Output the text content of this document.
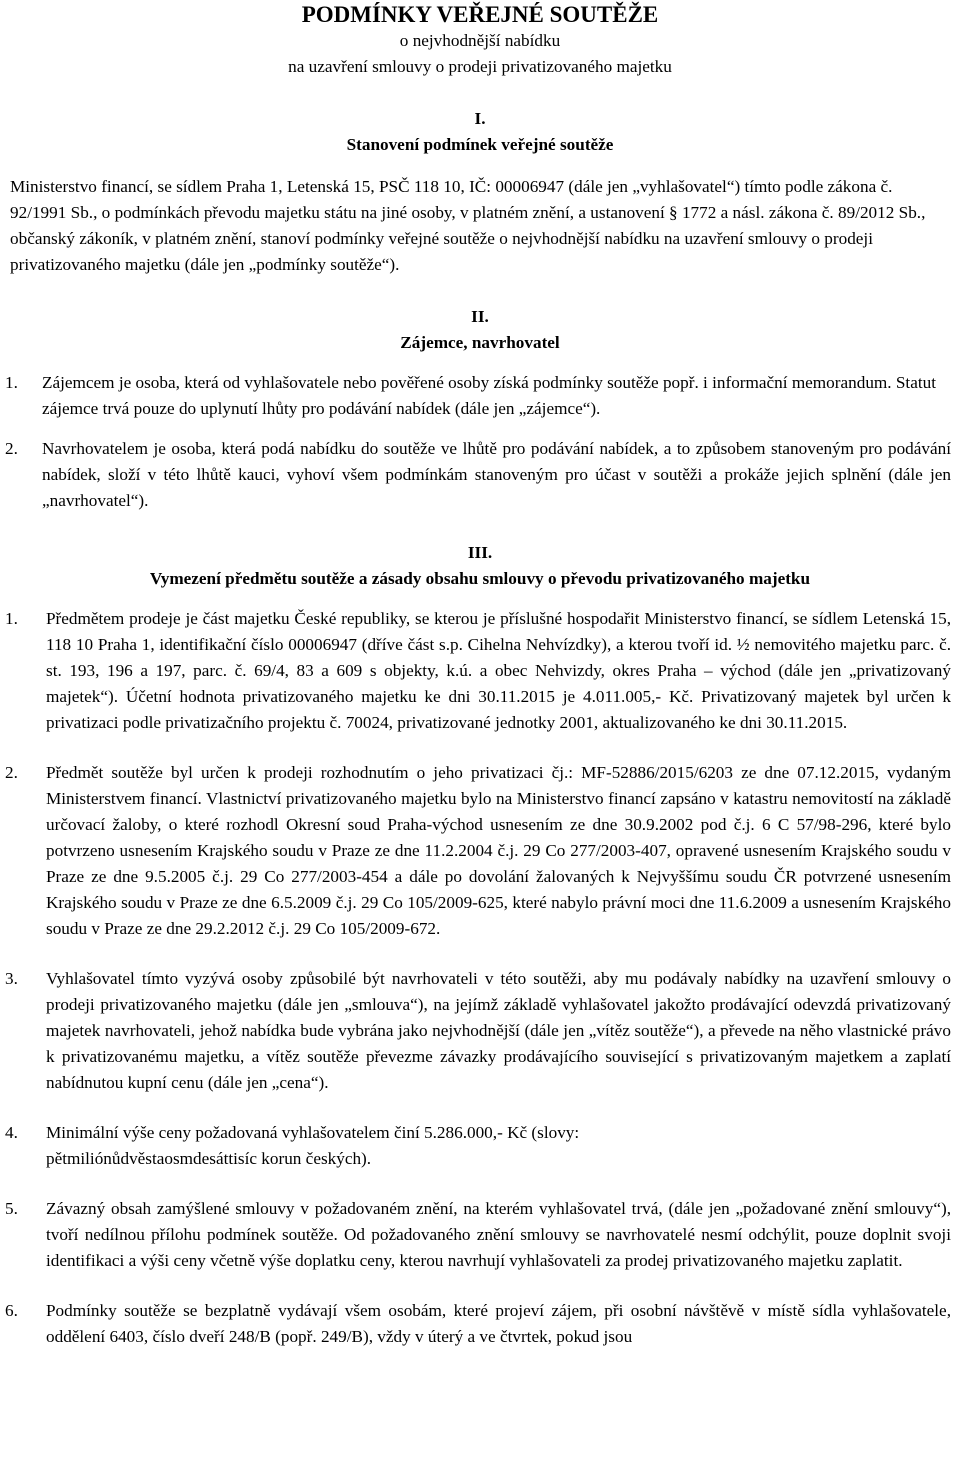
PODMÍNKY VEŘEJNÉ SOUTĚŽE

o nejvhodnější nabídku

na uzavření smlouvy o prodeji privatizovaného majetku

I.

Stanovení podmínek veřejné soutěže

Ministerstvo financí, se sídlem Praha 1, Letenská 15, PSČ 118 10, IČ: 00006947 (dále jen „vyhlašovatel“) tímto podle zákona č. 92/1991 Sb., o podmínkách převodu majetku státu na jiné osoby, v platném znění, a ustanovení § 1772 a násl. zákona č. 89/2012 Sb., občanský zákoník, v platném znění, stanoví podmínky veřejné soutěže o nejvhodnější nabídku na uzavření smlouvy o prodeji privatizovaného majetku (dále jen „podmínky soutěže“).

II.

Zájemce, navrhovatel

1. Zájemcem je osoba, která od vyhlašovatele nebo pověřené osoby získá podmínky soutěže popř. i informační memorandum. Statut zájemce trvá pouze do uplynutí lhůty pro podávání nabídek (dále jen „zájemce“).
2. Navrhovatelem je osoba, která podá nabídku do soutěže ve lhůtě pro podávání nabídek, a to způsobem stanoveným pro podávání nabídek, složí v této lhůtě kauci, vyhoví všem podmínkám stanoveným pro účast v soutěži a prokáže jejich splnění (dále jen „navrhovatel“).

III.

Vymezení předmětu soutěže a zásady obsahu smlouvy o převodu privatizovaného majetku

1. Předmětem prodeje je část majetku České republiky, se kterou je příslušné hospodařit Ministerstvo financí, se sídlem Letenská 15, 118 10 Praha 1, identifikační číslo 00006947 (dříve část s.p. Cihelna Nehvízdky), a kterou tvoří id. ½ nemovitého majetku parc. č. st. 193, 196 a 197, parc. č. 69/4, 83 a 609 s objekty, k.ú. a obec Nehvizdy, okres Praha – východ (dále jen „privatizovaný majetek“). Účetní hodnota privatizovaného majetku ke dni 30.11.2015 je 4.011.005,- Kč. Privatizovaný majetek byl určen k privatizaci podle privatizačního projektu č. 70024, privatizované jednotky 2001, aktualizovaného ke dni 30.11.2015.
2. Předmět soutěže byl určen k prodeji rozhodnutím o jeho privatizaci čj.: MF-52886/2015/6203 ze dne 07.12.2015, vydaným Ministerstvem financí. Vlastnictví privatizovaného majetku bylo na Ministerstvo financí zapsáno v katastru nemovitostí na základě určovací žaloby, o které rozhodl Okresní soud Praha-východ usnesením ze dne 30.9.2002 pod č.j. 6 C 57/98-296, které bylo potvrzeno usnesením Krajského soudu v Praze ze dne 11.2.2004 č.j. 29 Co 277/2003-407, opravené usnesením Krajského soudu v Praze ze dne 9.5.2005 č.j. 29 Co 277/2003-454 a dále po dovolání žalovaných k Nejvyššímu soudu ČR potvrzené usnesením Krajského soudu v Praze ze dne 6.5.2009 č.j. 29 Co 105/2009-625, které nabylo právní moci dne 11.6.2009 a usnesením Krajského soudu v Praze ze dne 29.2.2012 č.j. 29 Co 105/2009-672.
3. Vyhlašovatel tímto vyzývá osoby způsobilé být navrhovateli v této soutěži, aby mu podávaly nabídky na uzavření smlouvy o prodeji privatizovaného majetku (dále jen „smlouva“), na jejímž základě vyhlašovatel jakožto prodávající odevzdá privatizovaný majetek navrhovateli, jehož nabídka bude vybrána jako nejvhodnější (dále jen „vítěz soutěže“), a převede na něho vlastnické právo k privatizovanému majetku, a vítěz soutěže převezme závazky prodávajícího související s privatizovaným majetkem a zaplatí nabídnutou kupní cenu (dále jen „cena“).
4. Minimální výše ceny požadovaná vyhlašovatelem činí 5.286.000,- Kč (slovy:
pětmiliónůdvěstaosmdesáttisíc korun českých).
5. Závazný obsah zamýšlené smlouvy v požadovaném znění, na kterém vyhlašovatel trvá, (dále jen „požadované znění smlouvy“), tvoří nedílnou přílohu podmínek soutěže. Od požadovaného znění smlouvy se navrhovatelé nesmí odchýlit, pouze doplnit svoji identifikaci a výši ceny včetně výše doplatku ceny, kterou navrhují vyhlašovateli za prodej privatizovaného majetku zaplatit.
6. Podmínky soutěže se bezplatně vydávají všem osobám, které projeví zájem, při osobní návštěvě v místě sídla vyhlašovatele, oddělení 6403, číslo dveří 248/B (popř. 249/B), vždy v úterý a ve čtvrtek, pokud jsou
